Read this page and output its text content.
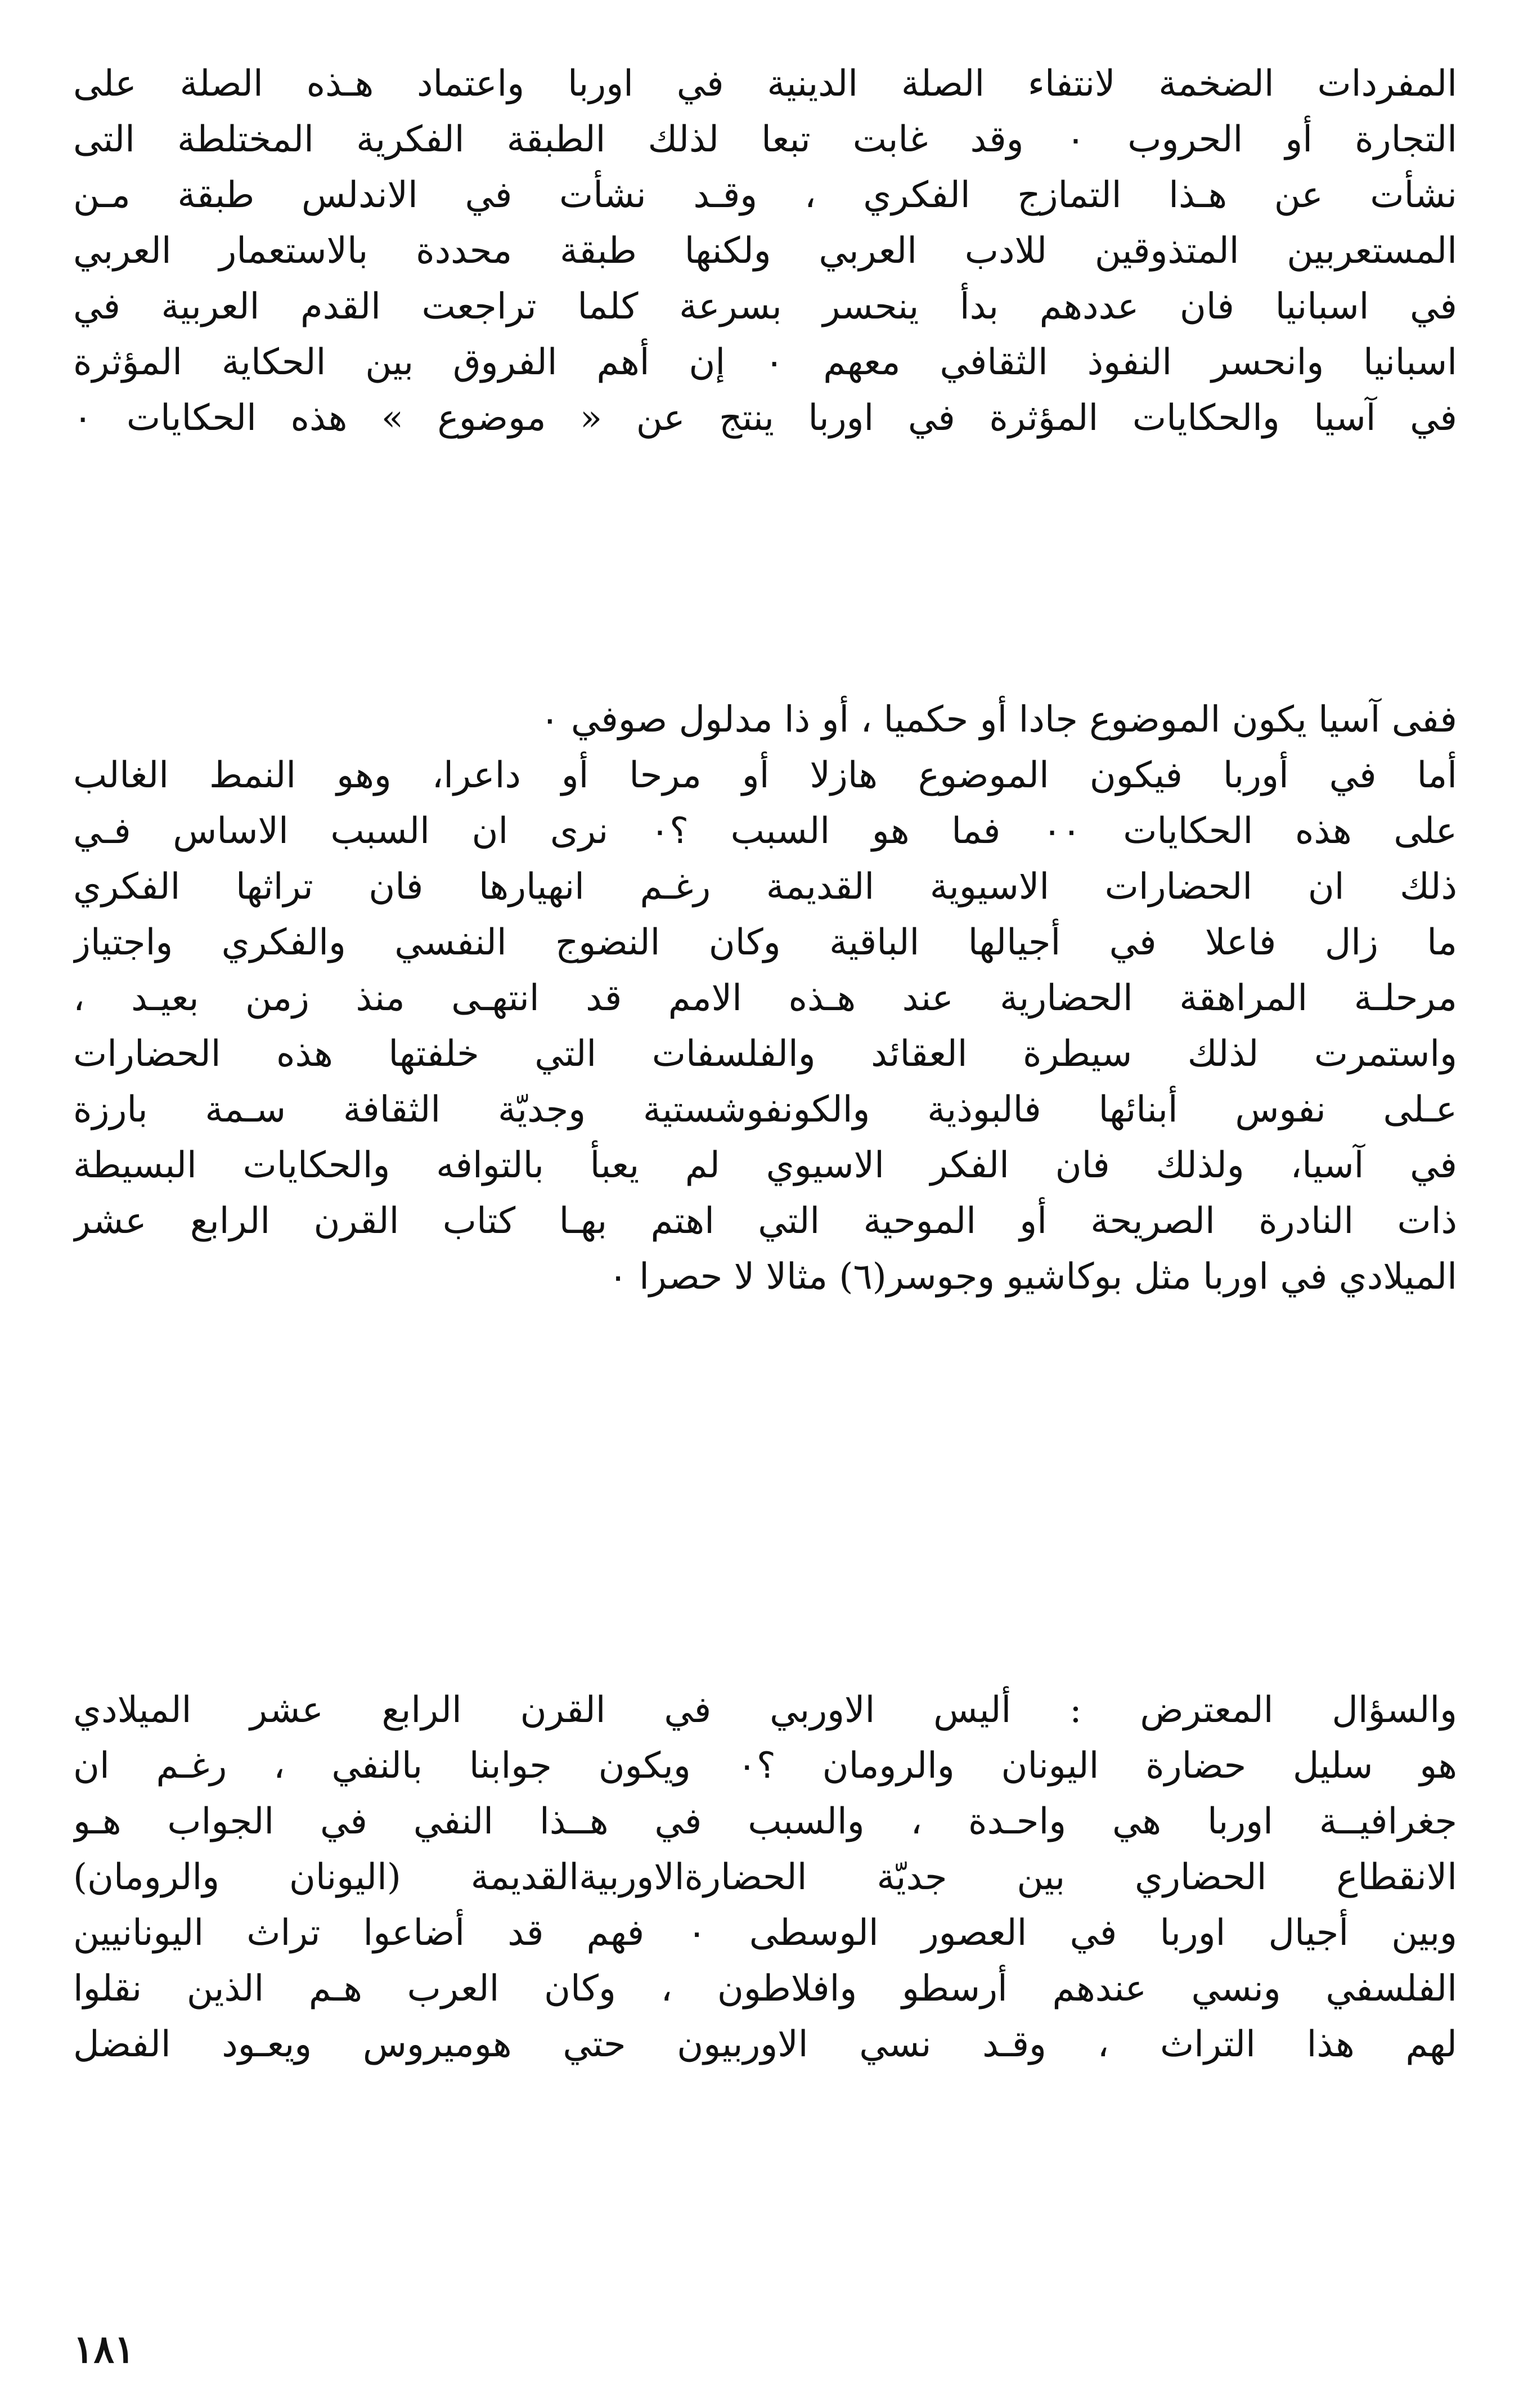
المفردات الضخمة لانتفاء الصلة الدينية في اوربا واعتماد هـذه الصلة على
التجارة أو الحروب ٠ وقد غابت تبعا لذلك الطبقة الفكرية المختلطة التى
نشأت عن هـذا التمازج الفكري ، وقـد نشأت في الاندلس طبقة مـن
المستعربين المتذوقين للادب العربي ولكنها طبقة محددة بالاستعمار العربي
في اسبانيا فان عددهم بدأ ينحسر بسرعة كلما تراجعت القدم العربية في
اسبانيا وانحسر النفوذ الثقافي معهم ٠ إن أهم الفروق بين الحكاية المؤثرة
في آسيا والحكايات المؤثرة في اوربا ينتج عن « موضوع » هذه الحكايات ٠
ففى آسيا يكون الموضوع جادا أو حكميا ، أو ذا مدلول صوفي ٠
أما في أوربا فيكون الموضوع هازلا أو مرحا أو داعرا، وهو النمط الغالب
على هذه الحكايات ٠٠ فما هو السبب ؟٠ نرى ان السبب الاساس فـي
ذلك ان الحضارات الاسيوية القديمة رغـم انهيارها فان تراثها الفكري
ما زال فاعلا في أجيالها الباقية وكان النضوج النفسي والفكري واجتياز
مرحلـة المراهقة الحضارية عند هـذه الامم قد انتهـى منذ زمن بعيـد ،
واستمرت لذلك سيطرة العقائد والفلسفات التي خلفتها هذه الحضارات
عـلى نفوس أبنائها فالبوذية والكونفوشستية وجديّة الثقافة سـمة بارزة
في آسيا، ولذلك فان الفكر الاسيوي لم يعبأ بالتوافه والحكايات البسيطة
ذات النادرة الصريحة أو الموحية التي اهتم بهـا كتاب القرن الرابع عشر
الميلادي في اوربا مثل بوكاشيو وجوسر(٦) مثالا لا حصرا ٠
والسؤال المعترض : أليس الاوربي في القرن الرابع عشر الميلادي
هو سليل حضارة اليونان والرومان ؟٠ ويكون جوابنا بالنفي ، رغـم ان
جغرافيــة اوربا هي واحـدة ، والسبب في هــذا النفي في الجواب هـو
الانقطاع الحضاري بين جديّة الحضارةالاوربيةالقديمة (اليونان والرومان)
وبين أجيال اوربا في العصور الوسطى ٠ فهم قد أضاعوا تراث اليونانيين
الفلسفي ونسي عندهم أرسطو وافلاطون ، وكان العرب هـم الذين نقلوا
لهم هذا التراث ، وقـد نسي الاوربيون حتي هوميروس ويعـود الفضل
١٨١
